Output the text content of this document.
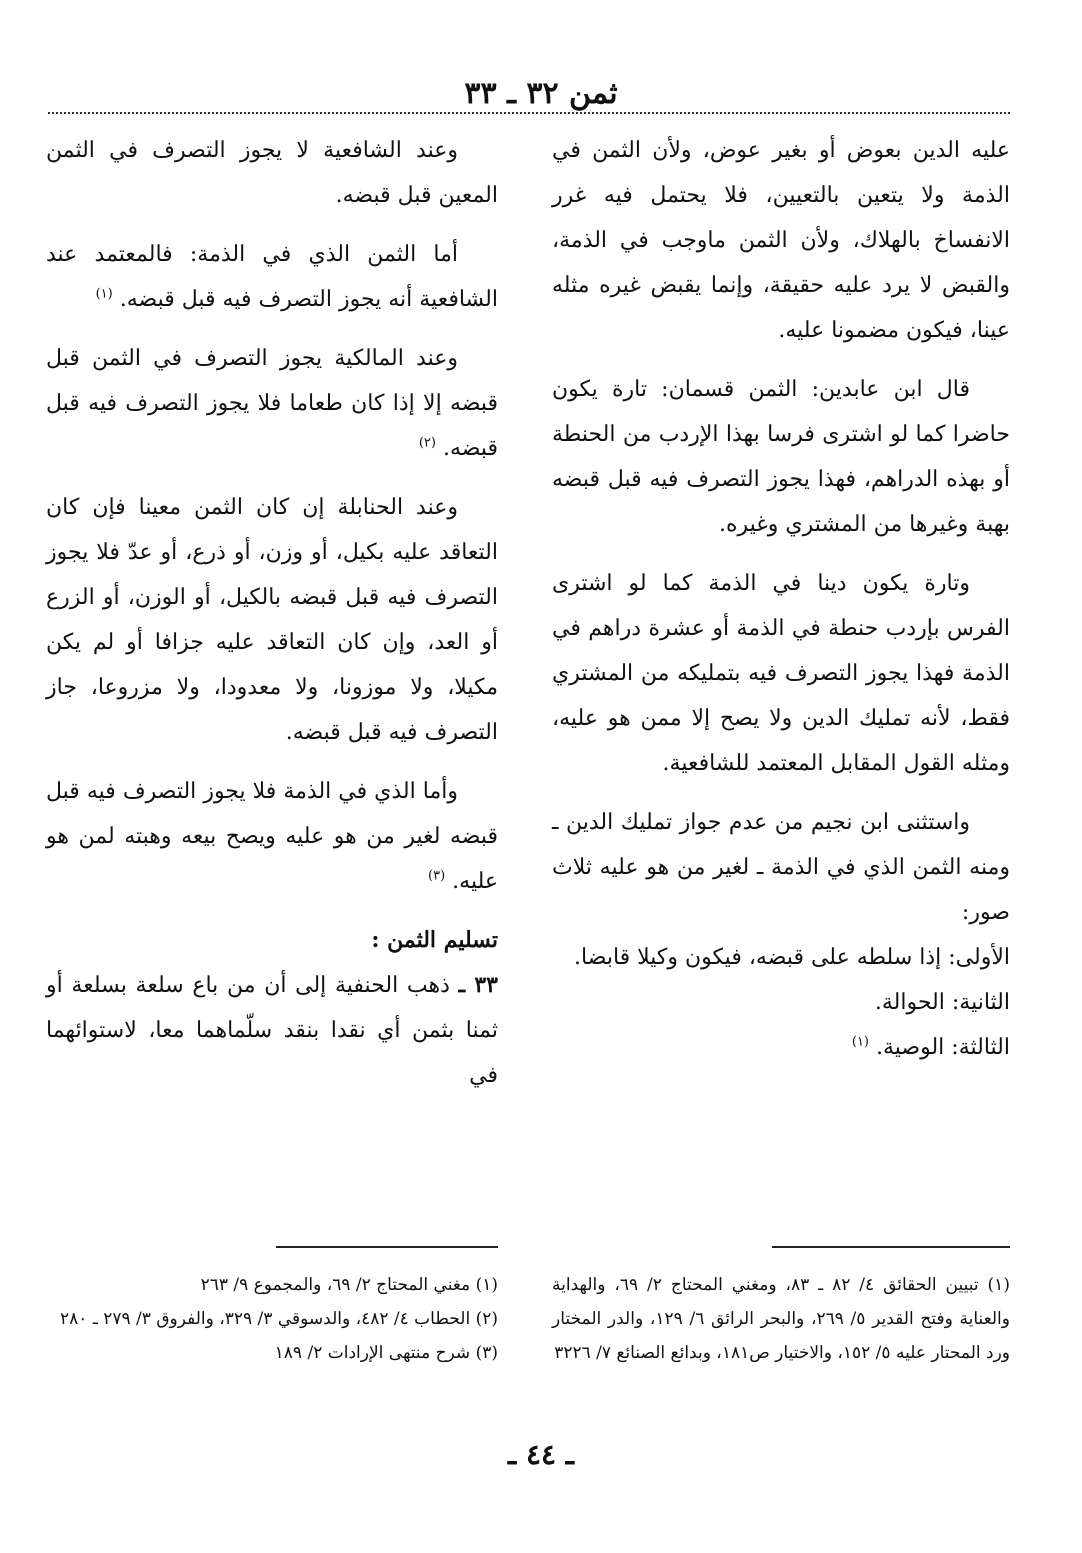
ثمن ٣٢ ـ ٣٣

عليه الدين بعوض أو بغير عوض، ولأن الثمن في الذمة ولا يتعين بالتعيين، فلا يحتمل فيه غرر الانفساخ بالهلاك، ولأن الثمن ماوجب في الذمة، والقبض لا يرد عليه حقيقة، وإنما يقبض غيره مثله عينا، فيكون مضمونا عليه.

قال ابن عابدين: الثمن قسمان: تارة يكون حاضرا كما لو اشترى فرسا بهذا الإردب من الحنطة أو بهذه الدراهم، فهذا يجوز التصرف فيه قبل قبضه بهبة وغيرها من المشتري وغيره.

وتارة يكون دينا في الذمة كما لو اشترى الفرس بإردب حنطة في الذمة أو عشرة دراهم في الذمة فهذا يجوز التصرف فيه بتمليكه من المشتري فقط، لأنه تمليك الدين ولا يصح إلا ممن هو عليه، ومثله القول المقابل المعتمد للشافعية.

واستثنى ابن نجيم من عدم جواز تمليك الدين ـ ومنه الثمن الذي في الذمة ـ لغير من هو عليه ثلاث صور:

الأولى: إذا سلطه على قبضه، فيكون وكيلا قابضا.

الثانية: الحوالة.

الثالثة: الوصية. $^{(١)}$

وعند الشافعية لا يجوز التصرف في الثمن المعين قبل قبضه.

أما الثمن الذي في الذمة: فالمعتمد عند الشافعية أنه يجوز التصرف فيه قبل قبضه. $^{(١)}$

وعند المالكية يجوز التصرف في الثمن قبل قبضه إلا إذا كان طعاما فلا يجوز التصرف فيه قبل قبضه. $^{(٢)}$

وعند الحنابلة إن كان الثمن معينا فإن كان التعاقد عليه بكيل، أو وزن، أو ذرع، أو عدّ فلا يجوز التصرف فيه قبل قبضه بالكيل، أو الوزن، أو الزرع أو العد، وإن كان التعاقد عليه جزافا أو لم يكن مكيلا، ولا موزونا، ولا معدودا، ولا مزروعا، جاز التصرف فيه قبل قبضه.

وأما الذي في الذمة فلا يجوز التصرف فيه قبل قبضه لغير من هو عليه ويصح بيعه وهبته لمن هو عليه. $^{(٣)}$

تسليم الثمن :

٣٣ ـ ذهب الحنفية إلى أن من باع سلعة بسلعة أو ثمنا بثمن أي نقدا بنقد سلّماهما معا، لاستوائهما في

(١) تبيين الحقائق ٤/ ٨٢ ـ ٨٣، ومغني المحتاج ٢/ ٦٩، والهداية والعناية وفتح القدير ٥/ ٢٦٩، والبحر الرائق ٦/ ١٢٩، والدر المختار ورد المحتار عليه ٥/ ١٥٢، والاختيار ص١٨١، وبدائع الصنائع ٧/ ٣٢٢٦

(١) مغني المحتاج ٢/ ٦٩، والمجموع ٩/ ٢٦٣

(٢) الحطاب ٤/ ٤٨٢، والدسوقي ٣/ ٣٢٩، والفروق ٣/ ٢٧٩ ـ ٢٨٠

(٣) شرح منتهى الإرادات ٢/ ١٨٩

ـ ٤٤ ـ
